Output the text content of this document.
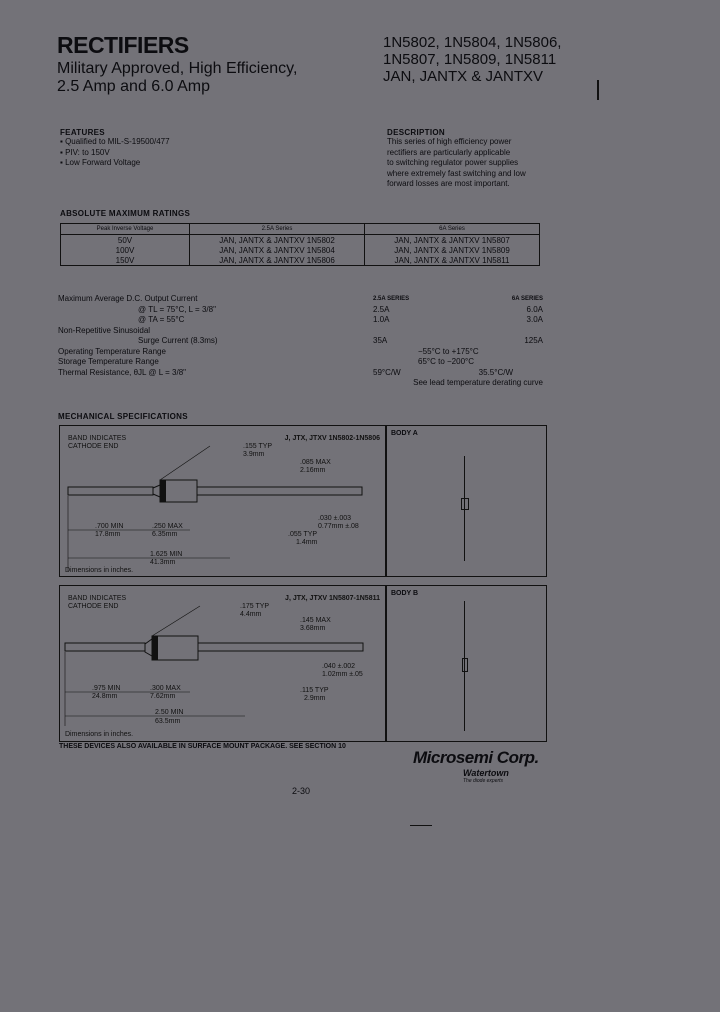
RECTIFIERS
Military Approved, High Efficiency,
2.5 Amp and 6.0 Amp
1N5802, 1N5804, 1N5806,
1N5807, 1N5809, 1N5811
JAN, JANTX & JANTXV
FEATURES
▪ Qualified to MIL-S-19500/477
▪ PIV: to 150V
▪ Low Forward Voltage
DESCRIPTION
This series of high efficiency power
rectifiers are particularly applicable
to switching regulator power supplies
where extremely fast switching and low
forward losses are most important.
ABSOLUTE MAXIMUM RATINGS
Peak Inverse Voltage	2.5A Series	6A Series
50V	JAN, JANTX & JANTXV 1N5802	JAN, JANTX & JANTXV 1N5807
100V	JAN, JANTX & JANTXV 1N5804	JAN, JANTX & JANTXV 1N5809
150V	JAN, JANTX & JANTXV 1N5806	JAN, JANTX & JANTXV 1N5811
Maximum Average D.C. Output Current	2.5A SERIES	6A SERIES
@ TL = 75°C, L = 3/8"	2.5A	6.0A
@ TA = 55°C	1.0A	3.0A
Non-Repetitive Sinusoidal
Surge Current (8.3ms)	35A	125A
Operating Temperature Range	−55°C to +175°C
Storage Temperature Range	65°C to −200°C
Thermal Resistance, θJL @ L = 3/8"	59°C/W	35.5°C/W
See lead temperature derating curve
MECHANICAL SPECIFICATIONS
BAND INDICATES
CATHODE END
J, JTX, JTXV 1N5802-1N5806
.155 TYP
3.9mm
.085 MAX
2.16mm
.030 ±.003
0.77mm ±.08
.055 TYP
1.4mm
.700 MIN
17.8mm
.250 MAX
6.35mm
1.625 MIN
41.3mm
Dimensions in inches.
BODY A
BAND INDICATES
CATHODE END
J, JTX, JTXV 1N5807-1N5811
.175 TYP
4.4mm
.145 MAX
3.68mm
.040 ±.002
1.02mm ±.05
.115 TYP
2.9mm
.975 MIN
24.8mm
.300 MAX
7.62mm
2.50 MIN
63.5mm
Dimensions in inches.
BODY B
THESE DEVICES ALSO AVAILABLE IN SURFACE MOUNT PACKAGE. SEE SECTION 10
2-30
Microsemi Corp.
Watertown
The diode experts
